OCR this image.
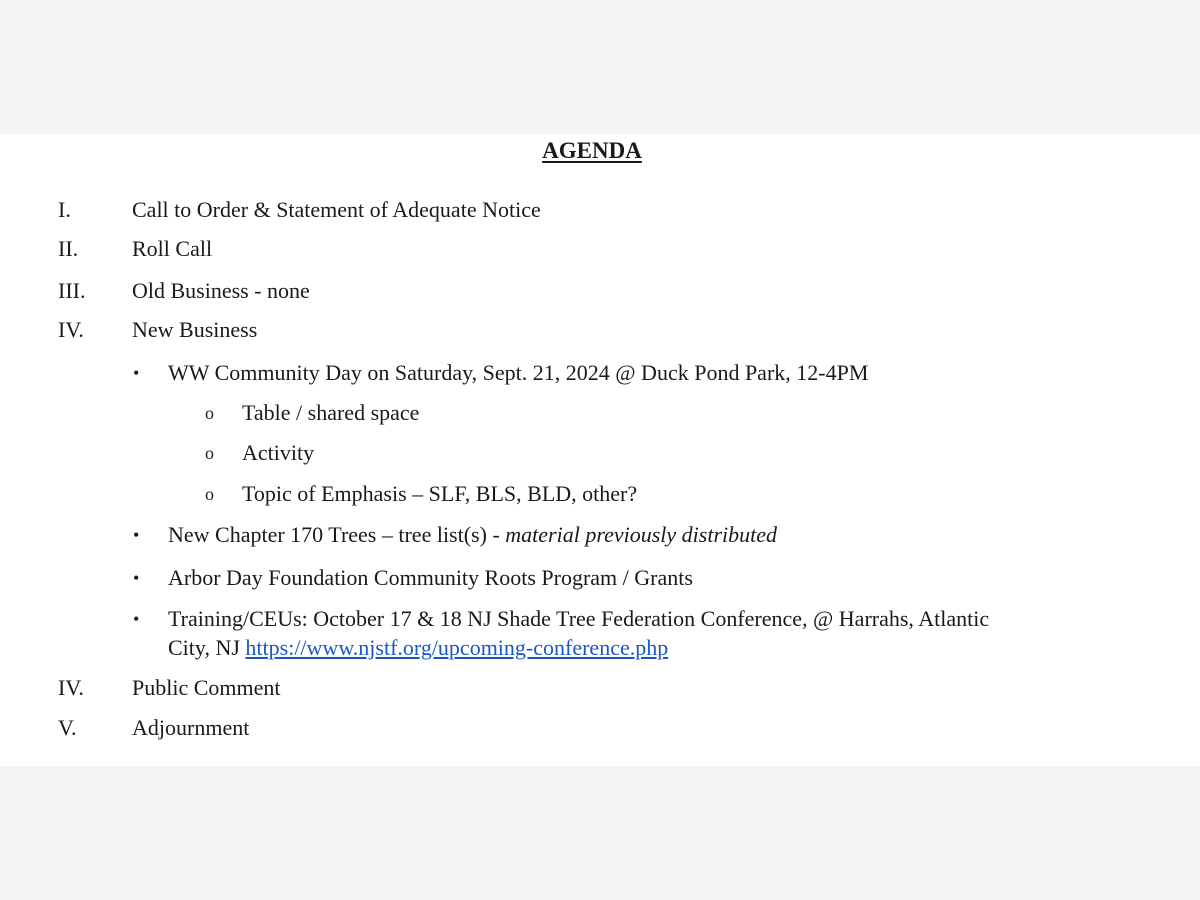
AGENDA
I.	Call to Order & Statement of Adequate Notice
II. Roll Call
III. Old Business - none
IV. New Business
• WW Community Day on Saturday, Sept. 21, 2024 @ Duck Pond Park, 12-4PM
o Table / shared space
o Activity
o Topic of Emphasis – SLF, BLS, BLD, other?
• New Chapter 170 Trees – tree list(s) - material previously distributed
• Arbor Day Foundation Community Roots Program / Grants
• Training/CEUs: October 17 & 18 NJ Shade Tree Federation Conference, @ Harrahs, Atlantic
City, NJ https://www.njstf.org/upcoming-conference.php
IV. Public Comment
V.	Adjournment
